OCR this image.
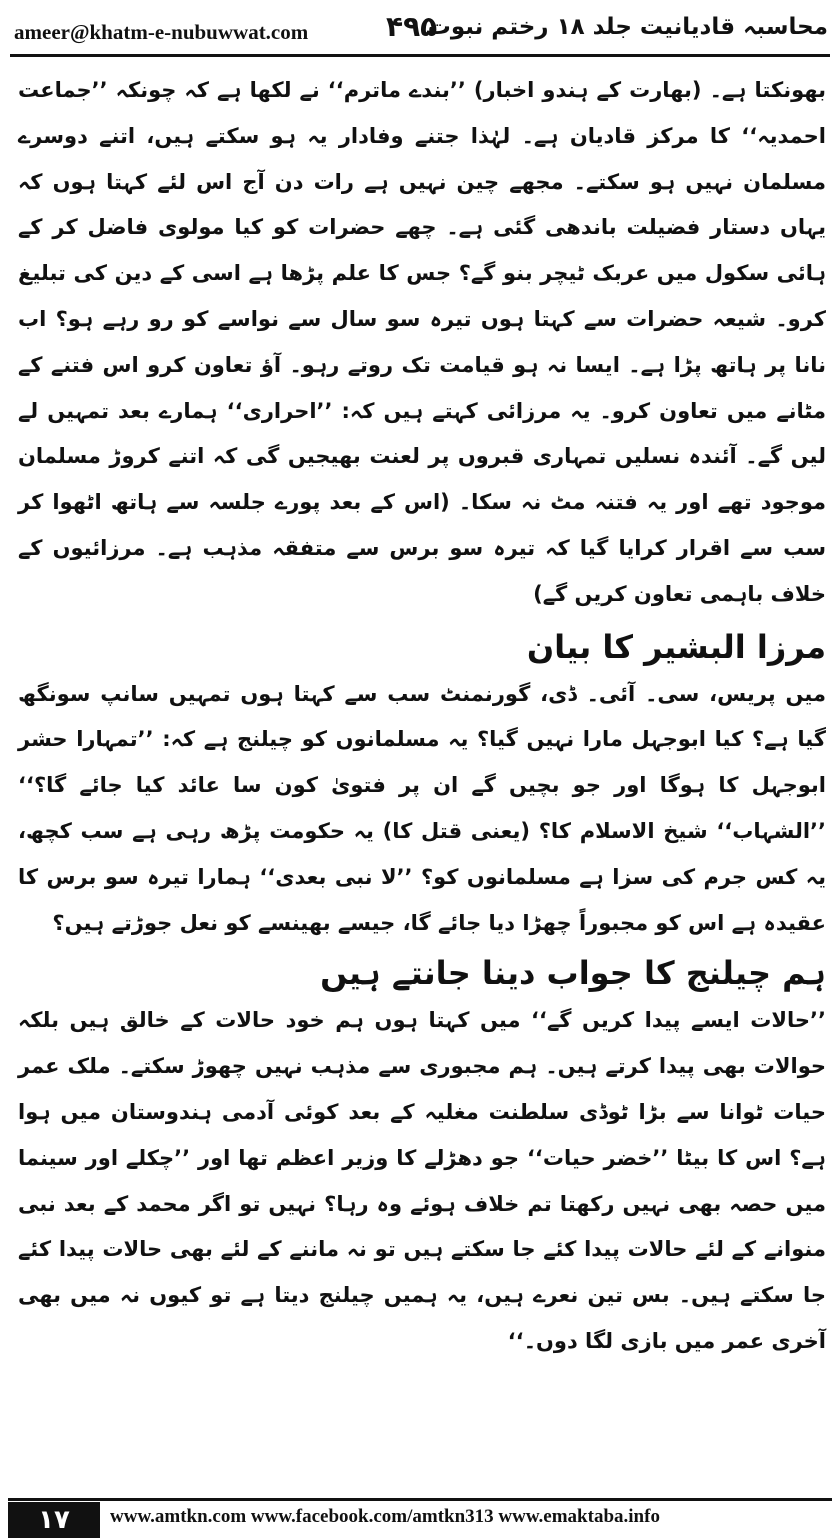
ameer@khatm-e-nubuwwat.com	۴۹۵
محاسبہ قادیانیت جلد ۱۸ رختم نبوت

بھونکتا ہے۔ (بھارت کے ہندو اخبار) ’’بندے ماترم‘‘ نے لکھا ہے کہ چونکہ ’’جماعت احمدیہ‘‘ کا مرکز قادیان ہے۔ لہٰذا جتنے وفادار یہ ہو سکتے ہیں، اتنے دوسرے مسلمان نہیں ہو سکتے۔ مجھے چین نہیں ہے رات دن آج اس لئے کہتا ہوں کہ یہاں دستار فضیلت باندھی گئی ہے۔ چھے حضرات کو کیا مولوی فاضل کر کے ہائی سکول میں عربک ٹیچر بنو گے؟ جس کا علم پڑھا ہے اسی کے دین کی تبلیغ کرو۔ شیعہ حضرات سے کہتا ہوں تیرہ سو سال سے نواسے کو رو رہے ہو؟ اب نانا پر ہاتھ پڑا ہے۔ ایسا نہ ہو قیامت تک روتے رہو۔ آؤ تعاون کرو اس فتنے کے مٹانے میں تعاون کرو۔ یہ مرزائی کہتے ہیں کہ: ’’احراری‘‘ ہمارے بعد تمہیں لے لیں گے۔ آئندہ نسلیں تمہاری قبروں پر لعنت بھیجیں گی کہ اتنے کروڑ مسلمان موجود تھے اور یہ فتنہ مٹ نہ سکا۔ (اس کے بعد پورے جلسہ سے ہاتھ اٹھوا کر سب سے اقرار کرایا گیا کہ تیرہ سو برس سے متفقہ مذہب ہے۔ مرزائیوں کے خلاف باہمی تعاون کریں گے)

مرزا البشیر کا بیان

میں پریس، سی۔ آئی۔ ڈی، گورنمنٹ سب سے کہتا ہوں تمہیں سانپ سونگھ گیا ہے؟ کیا ابوجہل مارا نہیں گیا؟ یہ مسلمانوں کو چیلنج ہے کہ: ’’تمہارا حشر ابوجہل کا ہوگا اور جو بچیں گے ان پر فتویٰ کون سا عائد کیا جائے گا؟‘‘ ’’الشہاب‘‘ شیخ الاسلام کا؟ (یعنی قتل کا) یہ حکومت پڑھ رہی ہے سب کچھ، یہ کس جرم کی سزا ہے مسلمانوں کو؟ ’’لا نبی بعدی‘‘ ہمارا تیرہ سو برس کا عقیدہ ہے اس کو مجبوراً چھڑا دیا جائے گا، جیسے بھینسے کو نعل جوڑتے ہیں؟

ہم چیلنج کا جواب دینا جانتے ہیں

’’حالات ایسے پیدا کریں گے‘‘ میں کہتا ہوں ہم خود حالات کے خالق ہیں بلکہ حوالات بھی پیدا کرتے ہیں۔ ہم مجبوری سے مذہب نہیں چھوڑ سکتے۔ ملک عمر حیات ٹوانا سے بڑا ٹوڈی سلطنت مغلیہ کے بعد کوئی آدمی ہندوستان میں ہوا ہے؟ اس کا بیٹا ’’خضر حیات‘‘ جو دھڑلے کا وزیر اعظم تھا اور ’’چکلے اور سینما میں حصہ بھی نہیں رکھتا تم خلاف ہوئے وہ رہا؟ نہیں تو اگر محمد کے بعد نبی منوانے کے لئے حالات پیدا کئے جا سکتے ہیں تو نہ ماننے کے لئے بھی حالات پیدا کئے جا سکتے ہیں۔ بس تین نعرے ہیں، یہ ہمیں چیلنج دیتا ہے تو کیوں نہ میں بھی آخری عمر میں بازی لگا دوں۔‘‘

۱۷	www.amtkn.com www.facebook.com/amtkn313 www.emaktaba.info
